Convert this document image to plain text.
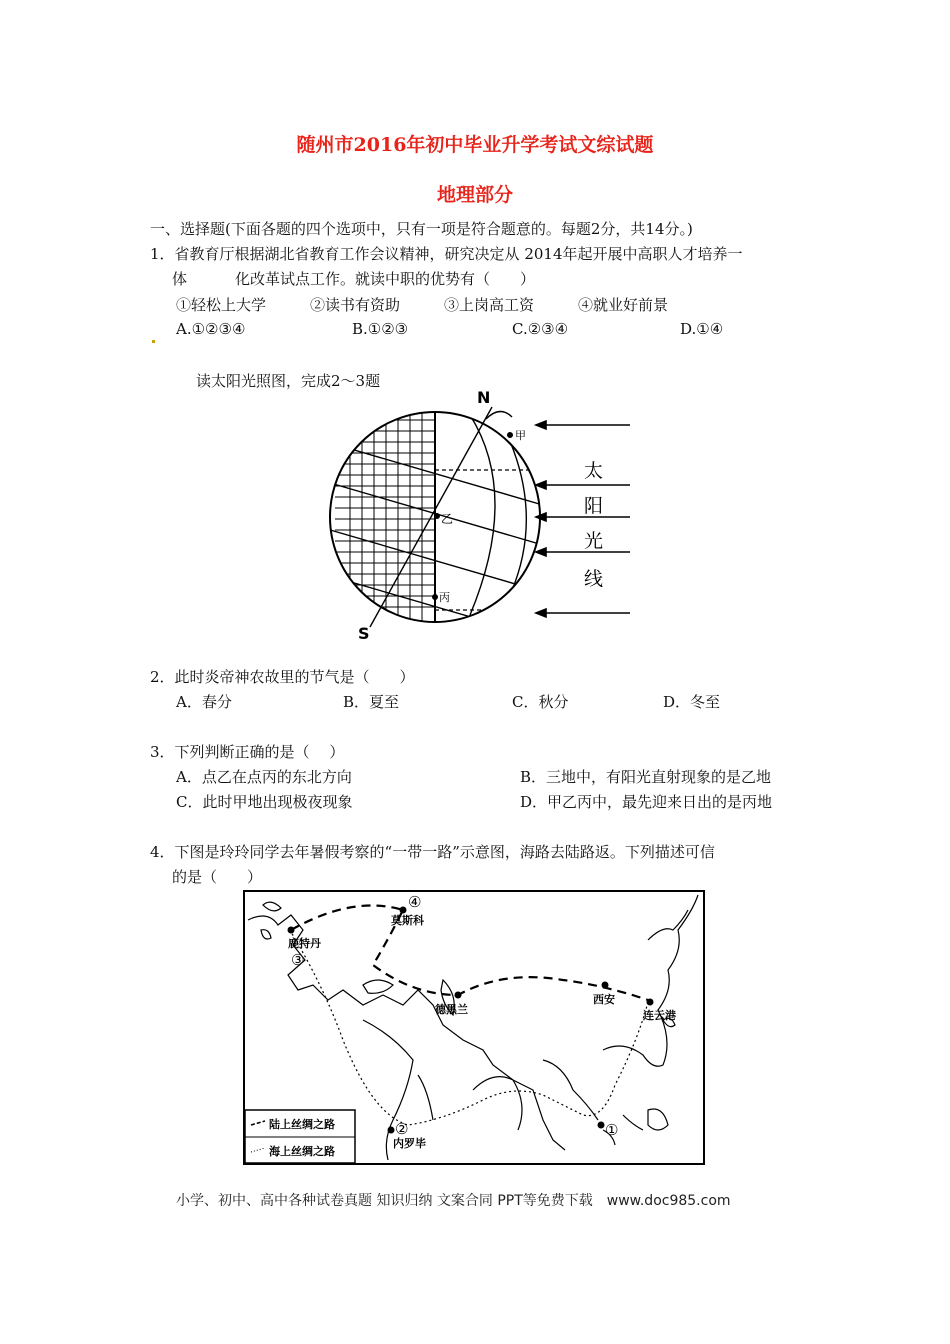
随州市2016年初中毕业升学考试文综试题
地理部分
一、选择题(下面各题的四个选项中，只有一项是符合题意的。每题2分，共14分。)
1．省教育厅根据湖北省教育工作会议精神，研究决定从 2014年起开展中高职人才培养一
体	化改革试点工作。就读中职的优势有（　　）
①轻松上大学	②读书有资助	③上岗高工资	④就业好前景
A.①②③④	B.①②③	C.②③④	D.①④
读太阳光照图，完成2～3题
N
S
甲
乙
丙
太
阳
光
线
2．此时炎帝神农故里的节气是（　　）
A．春分	B．夏至	C．秋分	D．冬至
3．下列判断正确的是（　 ）
A．点乙在点丙的东北方向	B．三地中，有阳光直射现象的是乙地
C．此时甲地出现极夜现象	D．甲乙丙中，最先迎来日出的是丙地
4．下图是玲玲同学去年暑假考察的“一带一路”示意图，海路去陆路返。下列描述可信
的是（　　）
④
③
②	①
莫斯科
鹿特丹
德黑兰
西安
连云港
内罗毕
陆上丝绸之路
海上丝绸之路
小学、初中、高中各种试卷真题 知识归纳 文案合同 PPT等免费下载　www.doc985.com
